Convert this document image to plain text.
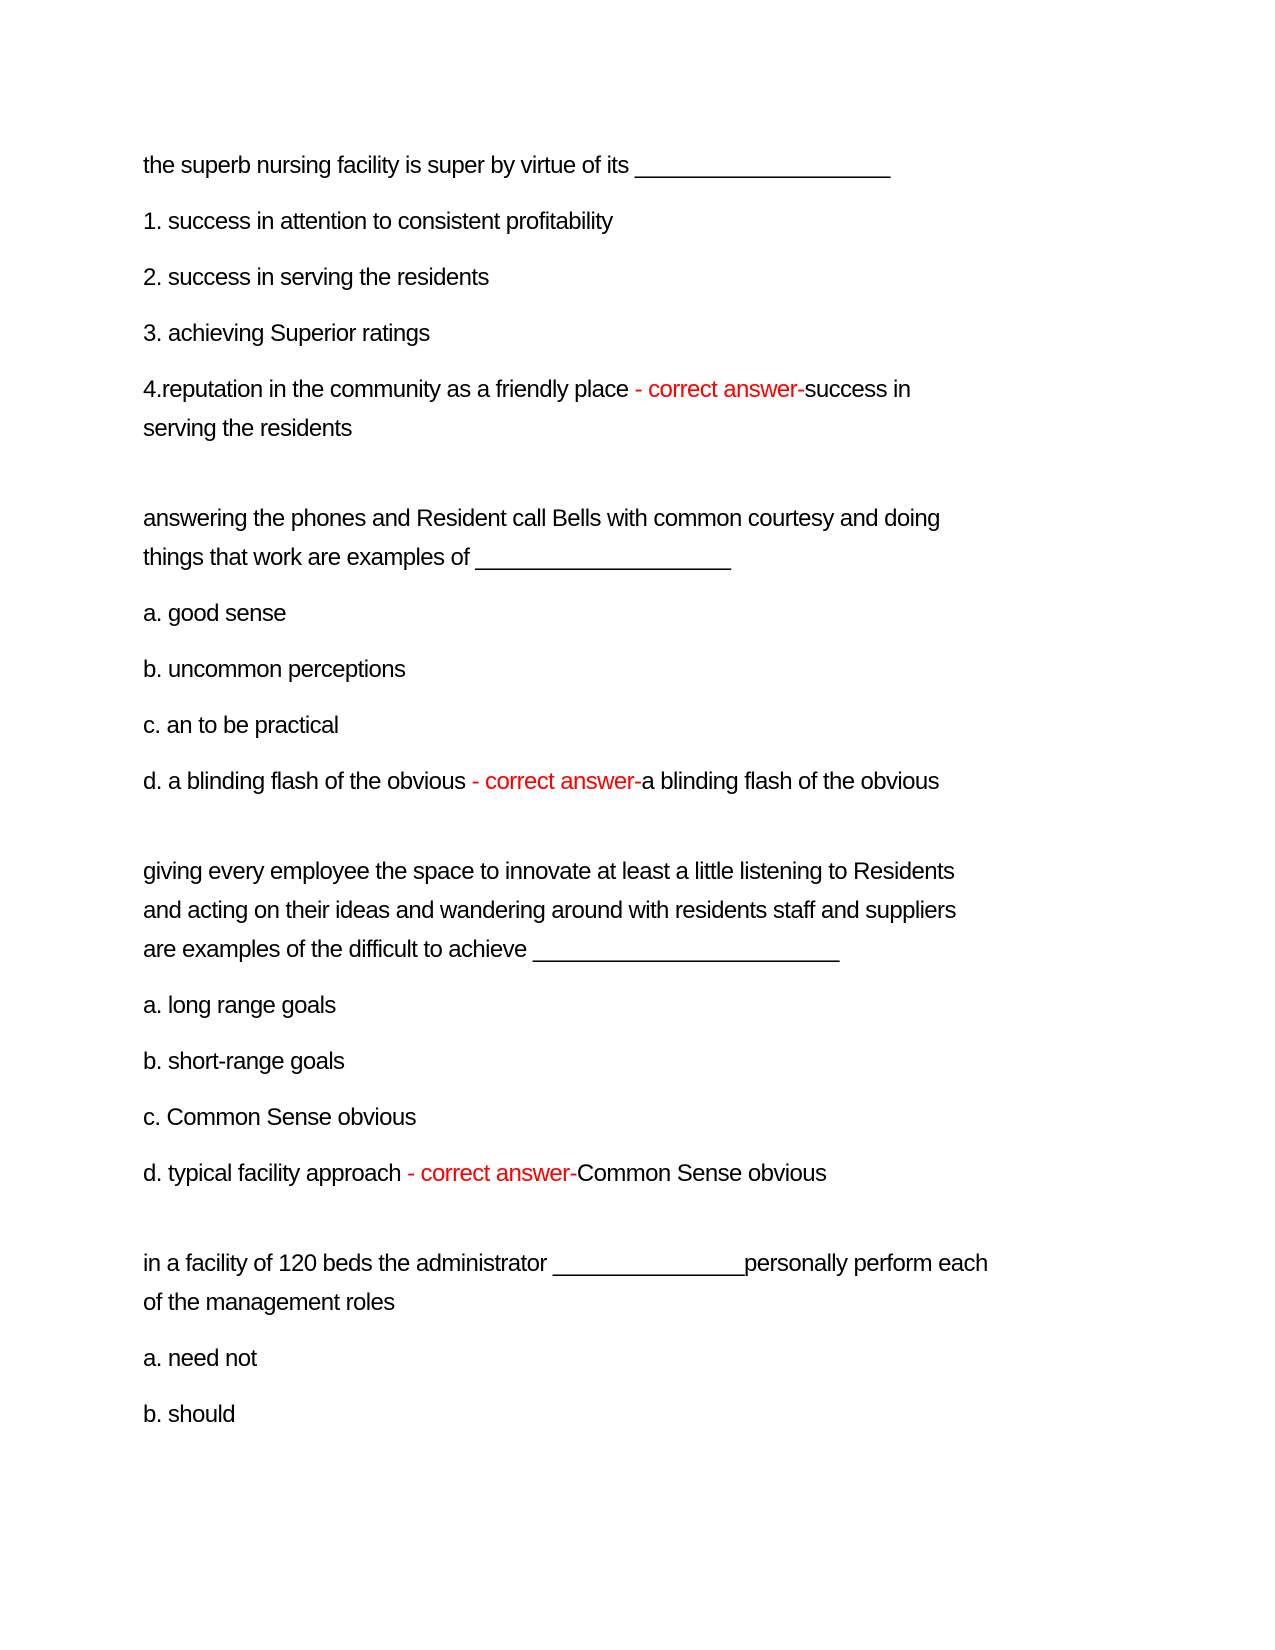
the superb nursing facility is super by virtue of its ____________________

1. success in attention to consistent profitability

2. success in serving the residents

3. achieving Superior ratings

4.reputation in the community as a friendly place - correct answer-success in
serving the residents

answering the phones and Resident call Bells with common courtesy and doing
things that work are examples of ____________________

a. good sense

b. uncommon perceptions

c. an to be practical

d. a blinding flash of the obvious - correct answer-a blinding flash of the obvious

giving every employee the space to innovate at least a little listening to Residents
and acting on their ideas and wandering around with residents staff and suppliers
are examples of the difficult to achieve ________________________

a. long range goals

b. short-range goals

c. Common Sense obvious

d. typical facility approach - correct answer-Common Sense obvious

in a facility of 120 beds the administrator _______________personally perform each
of the management roles

a. need not

b. should
